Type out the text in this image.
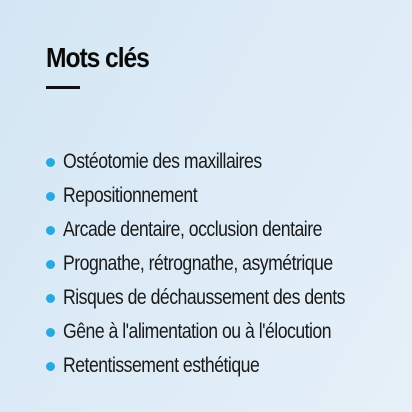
Mots clés
Ostéotomie des maxillaires
Repositionnement
Arcade dentaire, occlusion dentaire
Prognathe, rétrognathe, asymétrique
Risques de déchaussement des dents
Gêne à l'alimentation ou à l'élocution
Retentissement esthétique
